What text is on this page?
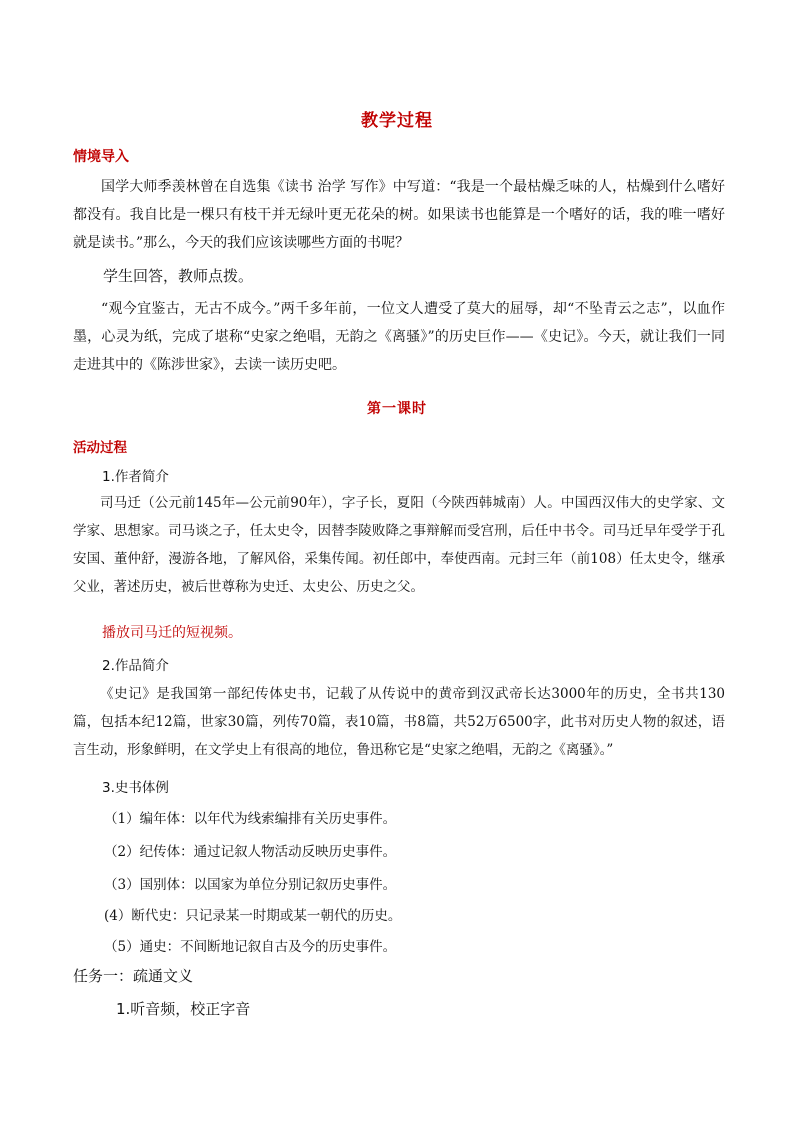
教学过程
情境导入

国学大师季羡林曾在自选集《读书 治学 写作》中写道：“我是一个最枯燥乏味的人，枯燥到什么嗜好都没有。我自比是一棵只有枝干并无绿叶更无花朵的树。如果读书也能算是一个嗜好的话，我的唯一嗜好就是读书。”那么，今天的我们应该读哪些方面的书呢？

学生回答，教师点拨。

“观今宜鉴古，无古不成今。”两千多年前，一位文人遭受了莫大的屈辱，却“不坠青云之志”，以血作墨，心灵为纸，完成了堪称“史家之绝唱，无韵之《离骚》”的历史巨作——《史记》。今天，就让我们一同走进其中的《陈涉世家》，去读一读历史吧。

第一课时
活动过程
1.作者简介

司马迁（公元前145年—公元前90年），字子长，夏阳（今陕西韩城南）人。中国西汉伟大的史学家、文学家、思想家。司马谈之子，任太史令，因替李陵败降之事辩解而受宫刑，后任中书令。司马迁早年受学于孔安国、董仲舒，漫游各地，了解风俗，采集传闻。初任郎中，奉使西南。元封三年（前108）任太史令，继承父业，著述历史，被后世尊称为史迁、太史公、历史之父。

播放司马迁的短视频。
2.作品简介

《史记》是我国第一部纪传体史书，记载了从传说中的黄帝到汉武帝长达3000年的历史，全书共130篇，包括本纪12篇，世家30篇，列传70篇，表10篇，书8篇，共52万6500字，此书对历史人物的叙述，语言生动，形象鲜明，在文学史上有很高的地位，鲁迅称它是“史家之绝唱，无韵之《离骚》。”

3.史书体例
（1）编年体：以年代为线索编排有关历史事件。
（2）纪传体：通过记叙人物活动反映历史事件。
（3）国别体：以国家为单位分别记叙历史事件。
(4）断代史：只记录某一时期或某一朝代的历史。
（5）通史：不间断地记叙自古及今的历史事件。
任务一：疏通文义
1.听音频，校正字音
